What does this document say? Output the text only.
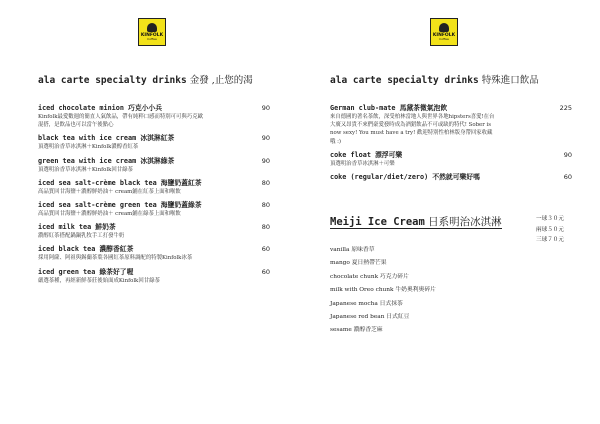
KINFOLK
Coffee
ala carte specialty drinks 金發 ,止您的渴
iced chocolate minion 巧克小小兵	90
Kinfolk最愛數週的簡直人氣飲品，帶有純粹口感而特別可可與巧克歐
混搭，是飲品也可以當午後點心
black tea with ice cream 冰淇淋紅茶	90
頂選明治香草冰淇淋＋Kinfolk濃醇香紅茶
green tea with ice cream 冰淇淋綠茶	90
頂選明治香草冰淇淋＋Kinfolk回甘綠茶
iced sea salt-crème black tea 海鹽奶蓋紅茶	80
高品質回甘海鹽＋濃醇鮮奶油＋ cream鋪在紅茶上面和喉飲
iced sea salt-crème green tea 海鹽奶蓋綠茶	80
高品質回甘海鹽＋濃醇鮮奶油＋ cream鋪在綠茶上面和喉飲
iced milk tea 鮮奶茶	80
濃醇紅茶搭配鍋鍋乳牧手工打發牛奶
iced black tea 濃醇香紅茶	60
採用阿薩、阿祖與錫蘭茶葉各國紅茶原料調配的特製Kinfolk冰茶
iced green tea 綠茶好了喔	60
嚴選茶種，再經新鮮茶莊後始面成Kinfolk回甘綠茶
KINFOLK
Coffee
ala carte specialty drinks 特殊進口飲品
German club-mate 馬黛茶微氣泡飲	225
來自德國的著名茶飲，深受柏林當地人與世界各地hipsters喜愛!在台
大廣又昂貴不來們豪愛發時成為酒錯飲品不可或缺的特代! Sober is
now sexy! You must have a try! 歡迎特別性柏林版身帶回家收藏
哦 :)
coke float 漂浮可樂	90
頂選明治香草冰淇淋＋可樂
coke (regular/diet/zero) 不然就可樂好嗎	60
Meiji Ice Cream 日系明治冰淇淋	一球３０元
兩球５０元
三球７０元
vanilla 原味香草
mango 夏日熱帶芒果
chocolate chunk 巧克力碎片
milk with Oreo chunk 牛奶奧利奧碎片
Japanese mocha 日式抹茶
Japanese red bean 日式紅豆
sesame 濃醇香芝麻
